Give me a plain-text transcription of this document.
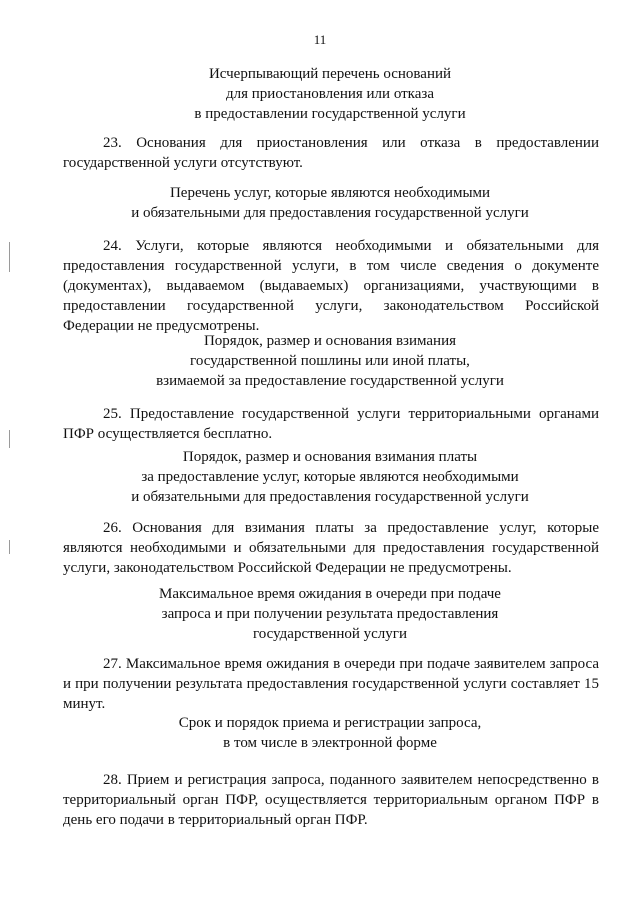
11
Исчерпывающий перечень оснований
для приостановления или отказа
в предоставлении государственной услуги
23. Основания для приостановления или отказа в предоставлении государственной услуги отсутствуют.
Перечень услуг, которые являются необходимыми
и обязательными для предоставления государственной услуги
24. Услуги, которые являются необходимыми и обязательными для предоставления государственной услуги, в том числе сведения о документе (документах), выдаваемом (выдаваемых) организациями, участвующими в предоставлении государственной услуги, законодательством Российской Федерации не предусмотрены.
Порядок, размер и основания взимания
государственной пошлины или иной платы,
взимаемой за предоставление государственной услуги
25. Предоставление государственной услуги территориальными органами ПФР осуществляется бесплатно.
Порядок, размер и основания взимания платы
за предоставление услуг, которые являются необходимыми
и обязательными для предоставления государственной услуги
26. Основания для взимания платы за предоставление услуг, которые являются необходимыми и обязательными для предоставления государственной услуги, законодательством Российской Федерации не предусмотрены.
Максимальное время ожидания в очереди при подаче
запроса и при получении результата предоставления
государственной услуги
27. Максимальное время ожидания в очереди при подаче заявителем запроса и при получении результата предоставления государственной услуги составляет 15 минут.
Срок и порядок приема и регистрации запроса,
в том числе в электронной форме
28. Прием и регистрация запроса, поданного заявителем непосредственно в территориальный орган ПФР, осуществляется территориальным органом ПФР в день его подачи в территориальный орган ПФР.
